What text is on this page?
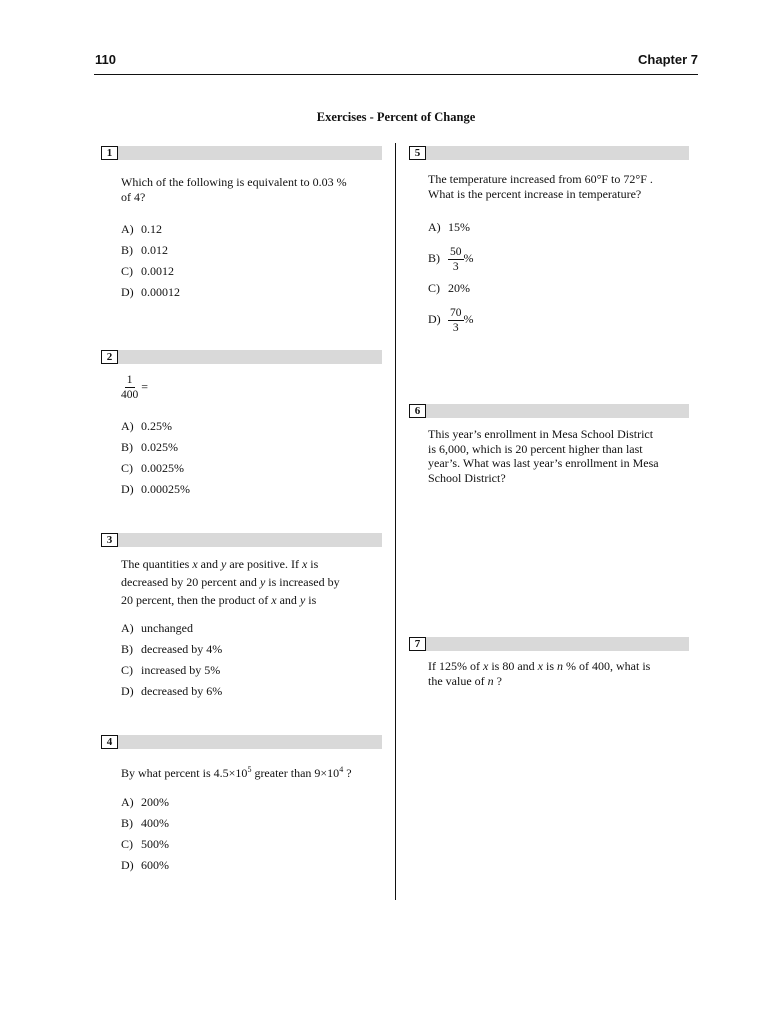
110	Chapter 7
Exercises - Percent of Change
1
Which of the following is equivalent to 0.03 %
of 4?
A) 0.12
B) 0.012
C) 0.0012
D) 0.00012
2
$\frac{1}{400}$ =
A) 0.25%
B) 0.025%
C) 0.0025%
D) 0.00025%
3
The quantities x and y are positive. If x is
decreased by 20 percent and y is increased by
20 percent, then the product of x and y is
A) unchanged
B) decreased by 4%
C) increased by 5%
D) decreased by 6%
4
By what percent is $4.5\times 10^5$ greater than $9\times 10^4$ ?
A) 200%
B) 400%
C) 500%
D) 600%
5
The temperature increased from 60°F to 72°F .
What is the percent increase in temperature?
A) 15%
$B) \frac{50}{3}$ %
C) 20%
$D) \frac{70}{3}$ %
6
This year’s enrollment in Mesa School District
is 6,000, which is 20 percent higher than last
year’s. What was last year’s enrollment in Mesa
School District?
7
If 125% of x is 80 and x is n % of 400, what is
the value of n ?
